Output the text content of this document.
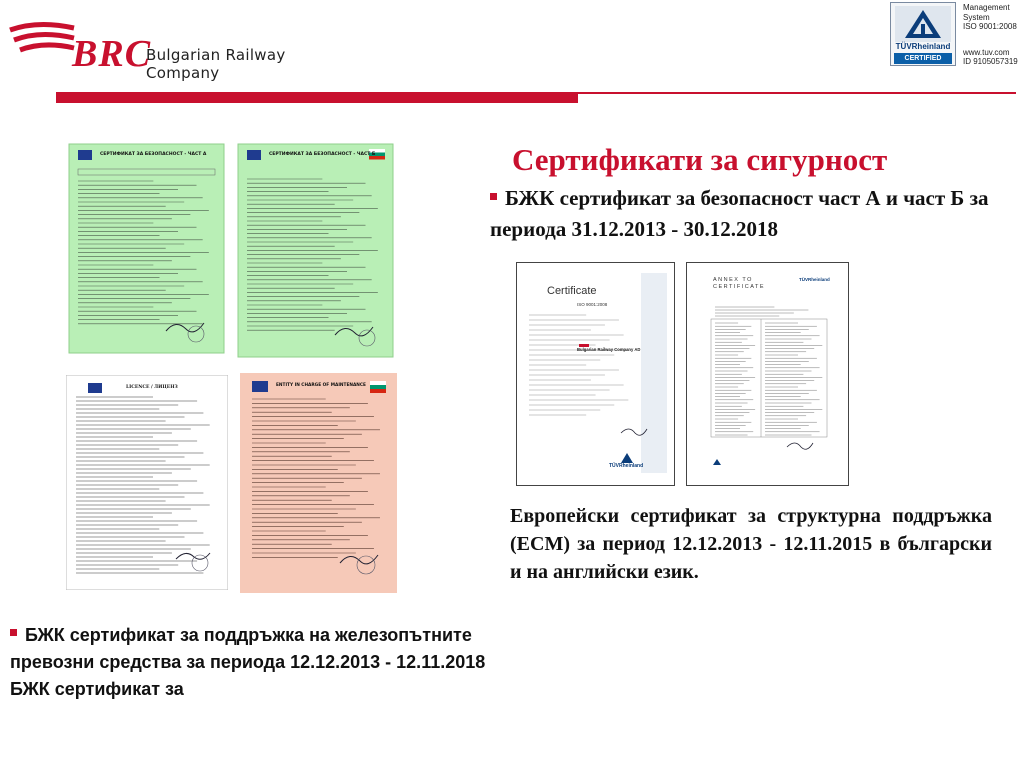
BRC
Bulgarian Railway Company
TÜVRheinland
CERTIFIED
Management
System
ISO 9001:2008
www.tuv.com
ID 9105057319
Сертификати за сигурност
БЖК сертификат за безопасност част А и част Б за периода 31.12.2013 - 30.12.2018
Европейски сертификат за структурна поддръжка (ЕСМ) за период 12.12.2013 - 12.11.2015 в български и на английски език.
БЖК сертификат за поддръжка на железопътните
превозни средства за периода 12.12.2013 - 12.11.2018
БЖК сертификат за
СЕРТИФИКАТ ЗА БЕЗОПАСНОСТ - ЧАСТ А	СЕРТИФИКАТ ЗА БЕЗОПАСНОСТ - ЧАСТ Б
LICENCE / ЛИЦЕНЗ	ENTITY IN CHARGE OF MAINTENANCE
Certificate
ISO 9001:2008
Bulgarian Railway Company AD
TÜVRheinland
ANNEX TO CERTIFICATE
TÜVRheinland
